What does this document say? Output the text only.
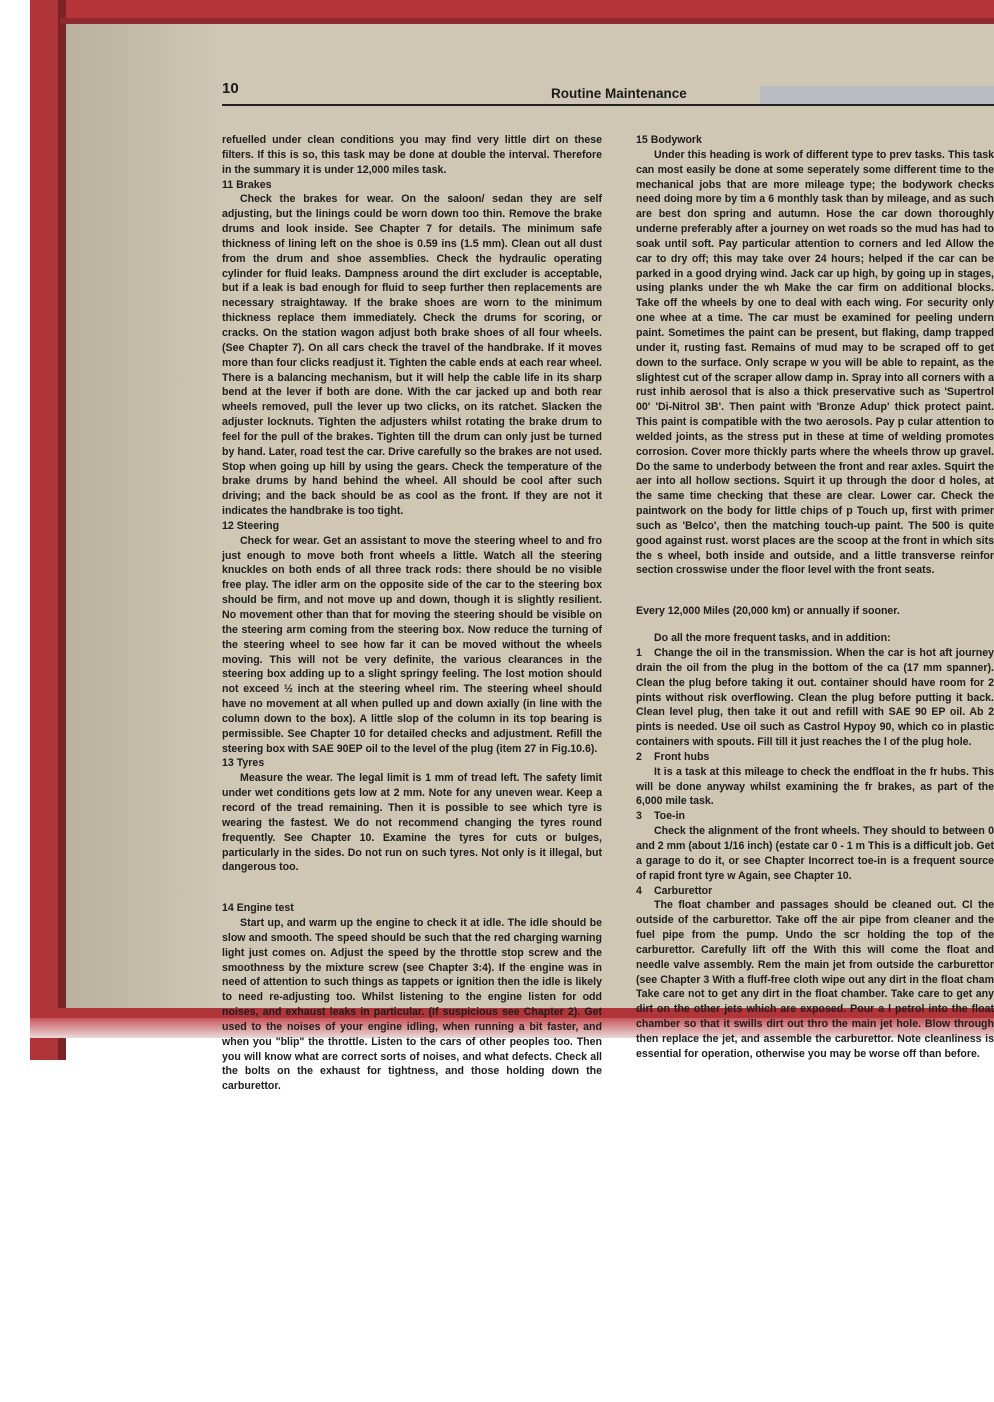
10	Routine Maintenance

refuelled under clean conditions you may find very little dirt on these filters. If this is so, this task may be done at double the interval. Therefore in the summary it is under 12,000 miles task.

11 Brakes

Check the brakes for wear. On the saloon/ sedan they are self adjusting, but the linings could be worn down too thin. Remove the brake drums and look inside. See Chapter 7 for details. The minimum safe thickness of lining left on the shoe is 0.59 ins (1.5 mm). Clean out all dust from the drum and shoe assemblies. Check the hydraulic operating cylinder for fluid leaks. Dampness around the dirt excluder is acceptable, but if a leak is bad enough for fluid to seep further then replacements are necessary straightaway. If the brake shoes are worn to the minimum thickness replace them immediately. Check the drums for scoring, or cracks. On the station wagon adjust both brake shoes of all four wheels. (See Chapter 7). On all cars check the travel of the handbrake. If it moves more than four clicks readjust it. Tighten the cable ends at each rear wheel. There is a balancing mechanism, but it will help the cable life in its sharp bend at the lever if both are done. With the car jacked up and both rear wheels removed, pull the lever up two clicks, on its ratchet. Slacken the adjuster locknuts. Tighten the adjusters whilst rotating the brake drum to feel for the pull of the brakes. Tighten till the drum can only just be turned by hand. Later, road test the car. Drive carefully so the brakes are not used. Stop when going up hill by using the gears. Check the temperature of the brake drums by hand behind the wheel. All should be cool after such driving; and the back should be as cool as the front. If they are not it indicates the handbrake is too tight.

12 Steering

Check for wear. Get an assistant to move the steering wheel to and fro just enough to move both front wheels a little. Watch all the steering knuckles on both ends of all three track rods: there should be no visible free play. The idler arm on the opposite side of the car to the steering box should be firm, and not move up and down, though it is slightly resilient. No movement other than that for moving the steering should be visible on the steering arm coming from the steering box. Now reduce the turning of the steering wheel to see how far it can be moved without the wheels moving. This will not be very definite, the various clearances in the steering box adding up to a slight springy feeling. The lost motion should not exceed ½ inch at the steering wheel rim. The steering wheel should have no movement at all when pulled up and down axially (in line with the column down to the box). A little slop of the column in its top bearing is permissible. See Chapter 10 for detailed checks and adjustment. Refill the steering box with SAE 90EP oil to the level of the plug (item 27 in Fig.10.6).

13 Tyres

Measure the wear. The legal limit is 1 mm of tread left. The safety limit under wet conditions gets low at 2 mm. Note for any uneven wear. Keep a record of the tread remaining. Then it is possible to see which tyre is wearing the fastest. We do not recommend changing the tyres round frequently. See Chapter 10. Examine the tyres for cuts or bulges, particularly in the sides. Do not run on such tyres. Not only is it illegal, but dangerous too.

14 Engine test

Start up, and warm up the engine to check it at idle. The idle should be slow and smooth. The speed should be such that the red charging warning light just comes on. Adjust the speed by the throttle stop screw and the smoothness by the mixture screw (see Chapter 3:4). If the engine was in need of attention to such things as tappets or ignition then the idle is likely to need re-adjusting too. Whilst listening to the engine listen for odd noises, and exhaust leaks in particular. (If suspicious see Chapter 2). Get used to the noises of your engine idling, when running a bit faster, and when you "blip" the throttle. Listen to the cars of other peoples too. Then you will know what are correct sorts of noises, and what defects. Check all the bolts on the exhaust for tightness, and those holding down the carburettor.

15 Bodywork

Under this heading is work of different type to prev tasks. This task can most easily be done at some seperately some different time to the mechanical jobs that are more mileage type; the bodywork checks need doing more by tim a 6 monthly task than by mileage, and as such are best don spring and autumn. Hose the car down thoroughly underne preferably after a journey on wet roads so the mud has had to soak until soft. Pay particular attention to corners and led Allow the car to dry off; this may take over 24 hours; helped if the car can be parked in a good drying wind. Jack car up high, by going up in stages, using planks under the wh Make the car firm on additional blocks. Take off the wheels by one to deal with each wing. For security only one whee at a time. The car must be examined for peeling undern paint. Sometimes the paint can be present, but flaking, damp trapped under it, rusting fast. Remains of mud may to be scraped off to get down to the surface. Only scrape w you will be able to repaint, as the slightest cut of the scraper allow damp in. Spray into all corners with a rust inhib aerosol that is also a thick preservative such as 'Supertrol 00' 'Di-Nitrol 3B'. Then paint with 'Bronze Adup' thick protect paint. This paint is compatible with the two aerosols. Pay p cular attention to welded joints, as the stress put in these at time of welding promotes corrosion. Cover more thickly parts where the wheels throw up gravel. Do the same to underbody between the front and rear axles. Squirt the aer into all hollow sections. Squirt it up through the door d holes, at the same time checking that these are clear. Lower car. Check the paintwork on the body for little chips of p Touch up, first with primer such as 'Belco', then the matching touch-up paint. The 500 is quite good against rust. worst places are the scoop at the front in which sits the s wheel, both inside and outside, and a little transverse reinfor section crosswise under the floor level with the front seats.

Every 12,000 Miles (20,000 km) or annually if sooner.

Do all the more frequent tasks, and in addition:

1 Change the oil in the transmission. When the car is hot aft journey drain the oil from the plug in the bottom of the ca (17 mm spanner). Clean the plug before taking it out. container should have room for 2 pints without risk overflowing. Clean the plug before putting it back. Clean level plug, then take it out and refill with SAE 90 EP oil. Ab 2 pints is needed. Use oil such as Castrol Hypoy 90, which co in plastic containers with spouts. Fill till it just reaches the l of the plug hole.

2 Front hubs

It is a task at this mileage to check the endfloat in the fr hubs. This will be done anyway whilst examining the fr brakes, as part of the 6,000 mile task.

3 Toe-in

Check the alignment of the front wheels. They should to between 0 and 2 mm (about 1/16 inch) (estate car 0 - 1 m This is a difficult job. Get a garage to do it, or see Chapter Incorrect toe-in is a frequent source of rapid front tyre w Again, see Chapter 10.

4 Carburettor

The float chamber and passages should be cleaned out. Cl the outside of the carburettor. Take off the air pipe from cleaner and the fuel pipe from the pump. Undo the scr holding the top of the carburettor. Carefully lift off the With this will come the float and needle valve assembly. Rem the main jet from outside the carburettor (see Chapter 3 With a fluff-free cloth wipe out any dirt in the float cham Take care not to get any dirt in the float chamber. Take care to get any dirt on the other jets which are exposed. Pour a l petrol into the float chamber so that it swills dirt out thro the main jet hole. Blow through then replace the jet, and assemble the carburettor. Note cleanliness is essential for operation, otherwise you may be worse off than before.
